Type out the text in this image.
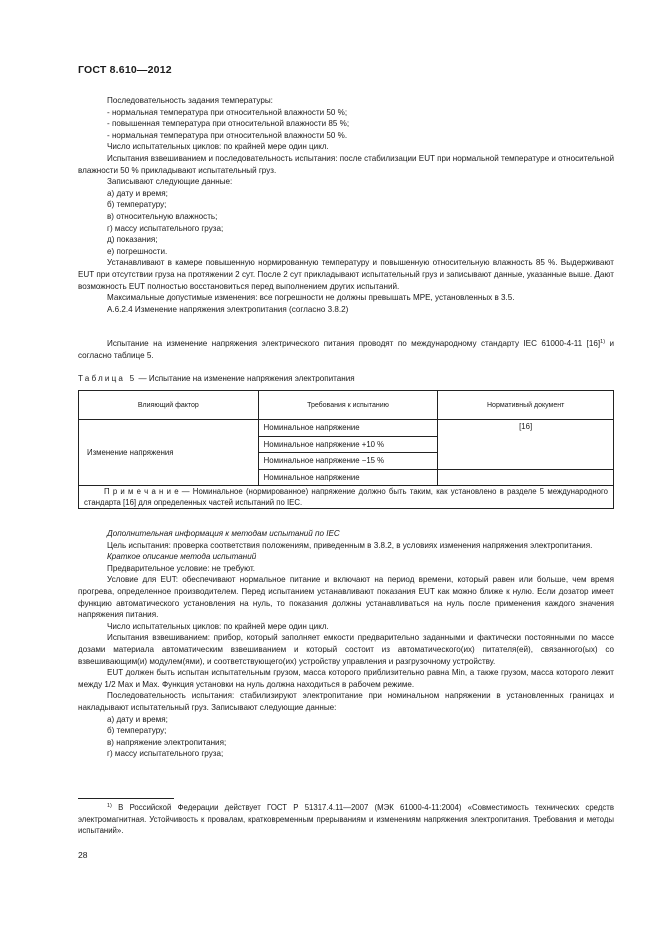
ГОСТ 8.610—2012

Последовательность задания температуры:

- нормальная температура при относительной влажности 50 %;

- повышенная температура при относительной влажности 85 %;

- нормальная температура при относительной влажности 50 %.

Число испытательных циклов: по крайней мере один цикл.

Испытания взвешиванием и последовательность испытания: после стабилизации EUT при нормальной температуре и относительной влажности 50 % прикладывают испытательный груз.

Записывают следующие данные:

а) дату и время;

б) температуру;

в) относительную влажность;

г) массу испытательного груза;

д) показания;

е) погрешности.

Устанавливают в камере повышенную нормированную температуру и повышенную относительную влажность 85 %. Выдерживают EUT при отсутствии груза на протяжении 2 сут. После 2 сут прикладывают испытательный груз и записывают данные, указанные выше. Дают возможность EUT полностью восстановиться перед выполнением других испытаний.

Максимальные допустимые изменения: все погрешности не должны превышать MPE, установленных в 3.5.

А.6.2.4 Изменение напряжения электропитания (согласно 3.8.2)

Испытание на изменение напряжения электрического питания проводят по международному стандарту IEC 61000-4-11 $[16]^{1)}$ и согласно таблице 5.
Таблица 5 — Испытание на изменение напряжения электропитания
Влияющий фактор	Требования к испытанию	Нормативный документ
Изменение напряжения	Номинальное напряжение	[16]
	Номинальное напряжение +10 %	
	Номинальное напряжение −15 %	
	Номинальное напряжение	
П р и м е ч а н и е — Номинальное (нормированное) напряжение должно быть таким, как установлено в разделе 5 международного стандарта [16] для определенных частей испытаний по IEC.		

Дополнительная информация к методам испытаний по IEC

Цель испытания: проверка соответствия положениям, приведенным в 3.8.2, в условиях изменения напряжения электропитания.

Краткое описание метода испытаний

Предварительное условие: не требуют.

Условие для EUT: обеспечивают нормальное питание и включают на период времени, который равен или больше, чем время прогрева, определенное производителем. Перед испытанием устанавливают показания EUT как можно ближе к нулю. Если дозатор имеет функцию автоматического установления на нуль, то показания должны устанавливаться на нуль после применения каждого значения напряжения питания.

Число испытательных циклов: по крайней мере один цикл.

Испытания взвешиванием: прибор, который заполняет емкости предварительно заданными и фактически постоянными по массе дозами материала автоматическим взвешиванием и который состоит из автоматического(их) питателя(ей), связанного(ых) со взвешивающим(и) модулем(ями), и соответствующего(их) устройству управления и разгрузочному устройству.

EUT должен быть испытан испытательным грузом, масса которого приблизительно равна Min, а также грузом, масса которого лежит между 1/2 Max и Max. Функция установки на нуль должна находиться в рабочем режиме.

Последовательность испытания: стабилизируют электропитание при номинальном напряжении в установленных границах и накладывают испытательный груз. Записывают следующие данные:

а) дату и время;

б) температуру;

в) напряжение электропитания;

г) массу испытательного груза;

$^{1)}$ В Российской Федерации действует ГОСТ Р 51317.4.11—2007 (МЭК 61000-4-11:2004) «Совместимость технических средств электромагнитная. Устойчивость к провалам, кратковременным прерываниям и изменениям напряжения электропитания. Требования и методы испытаний».
28
